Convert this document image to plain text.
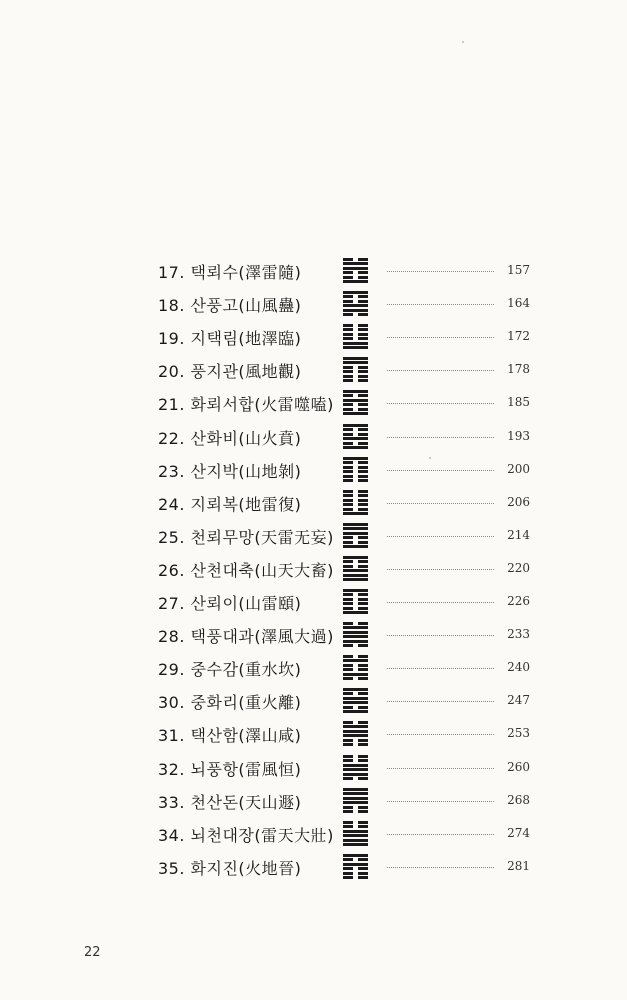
17. 택뢰수(澤雷隨)	157
18. 산풍고(山風蠱)	164
19. 지택림(地澤臨)	172
20. 풍지관(風地觀)	178
21. 화뢰서합(火雷噬嗑)	185
22. 산화비(山火賁)	193
23. 산지박(山地剝)	200
24. 지뢰복(地雷復)	206
25. 천뢰무망(天雷无妄)	214
26. 산천대축(山天大畜)	220
27. 산뢰이(山雷頤)	226
28. 택풍대과(澤風大過)	233
29. 중수감(重水坎)	240
30. 중화리(重火離)	247
31. 택산함(澤山咸)	253
32. 뇌풍항(雷風恒)	260
33. 천산돈(天山遯)	268
34. 뇌천대장(雷天大壯)	274
35. 화지진(火地晉)	281
22
